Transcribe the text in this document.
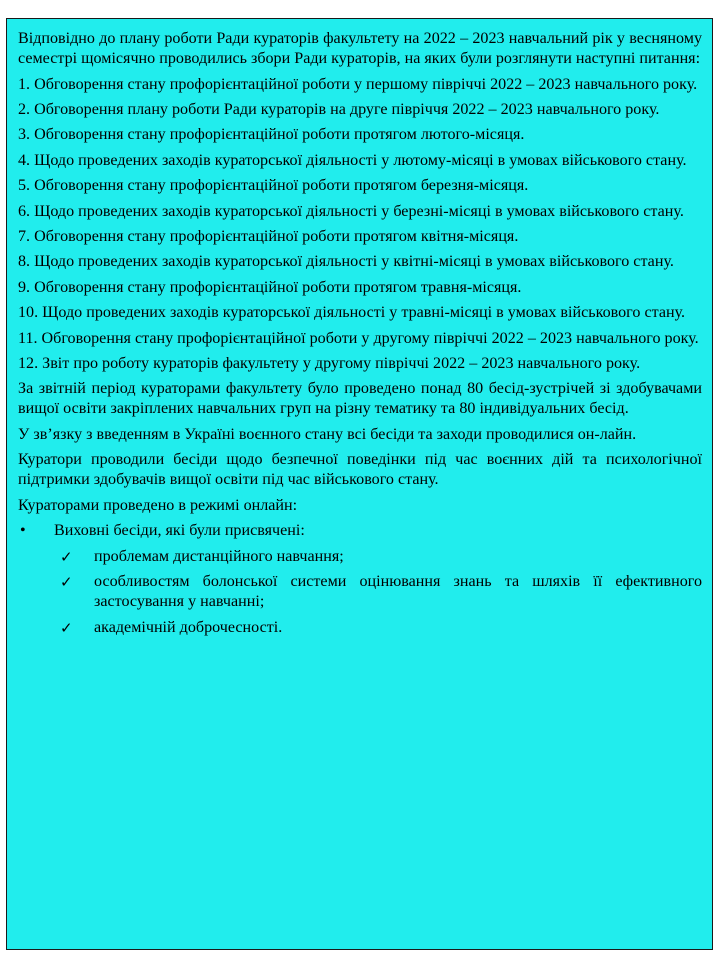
Відповідно до плану роботи Ради кураторів факультету на 2022 – 2023 навчальний рік у весняному семестрі щомісячно проводились збори Ради кураторів, на яких були розглянути наступні питання:

1. Обговорення стану профорієнтаційної роботи у першому півріччі 2022 – 2023 навчального року.

2. Обговорення плану роботи Ради кураторів на друге півріччя 2022 – 2023 навчального року.

3. Обговорення стану профорієнтаційної роботи протягом лютого-місяця.

4. Щодо проведених заходів кураторської діяльності у лютому-місяці в умовах військового стану.

5. Обговорення стану профорієнтаційної роботи протягом березня-місяця.

6. Щодо проведених заходів кураторської діяльності у березні-місяці в умовах військового стану.

7. Обговорення стану профорієнтаційної роботи протягом квітня-місяця.

8. Щодо проведених заходів кураторської діяльності у квітні-місяці в умовах військового стану.

9. Обговорення стану профорієнтаційної роботи протягом травня-місяця.

10. Щодо проведених заходів кураторської діяльності у травні-місяці в умовах військового стану.

11. Обговорення стану профорієнтаційної роботи у другому півріччі 2022 – 2023 навчального року.

12. Звіт про роботу кураторів факультету у другому півріччі 2022 – 2023 навчального року.

За звітній період кураторами факультету було проведено понад 80 бесід-зустрічей зі здобувачами вищої освіти закріплених навчальних груп на різну тематику та 80 індивідуальних бесід.

У зв’язку з введенням в Україні воєнного стану всі бесіди та заходи проводилися он-лайн.

Куратори проводили бесіди щодо безпечної поведінки під час воєнних дій та психологічної підтримки здобувачів вищої освіти під час військового стану.

Кураторами проведено в режимі онлайн:

•	Виховні бесіди, які були присвячені:
✓	проблемам дистанційного навчання;
✓	особливостям болонської системи оцінювання знань та шляхів її ефективного застосування у навчанні;
✓	академічній доброчесності.
